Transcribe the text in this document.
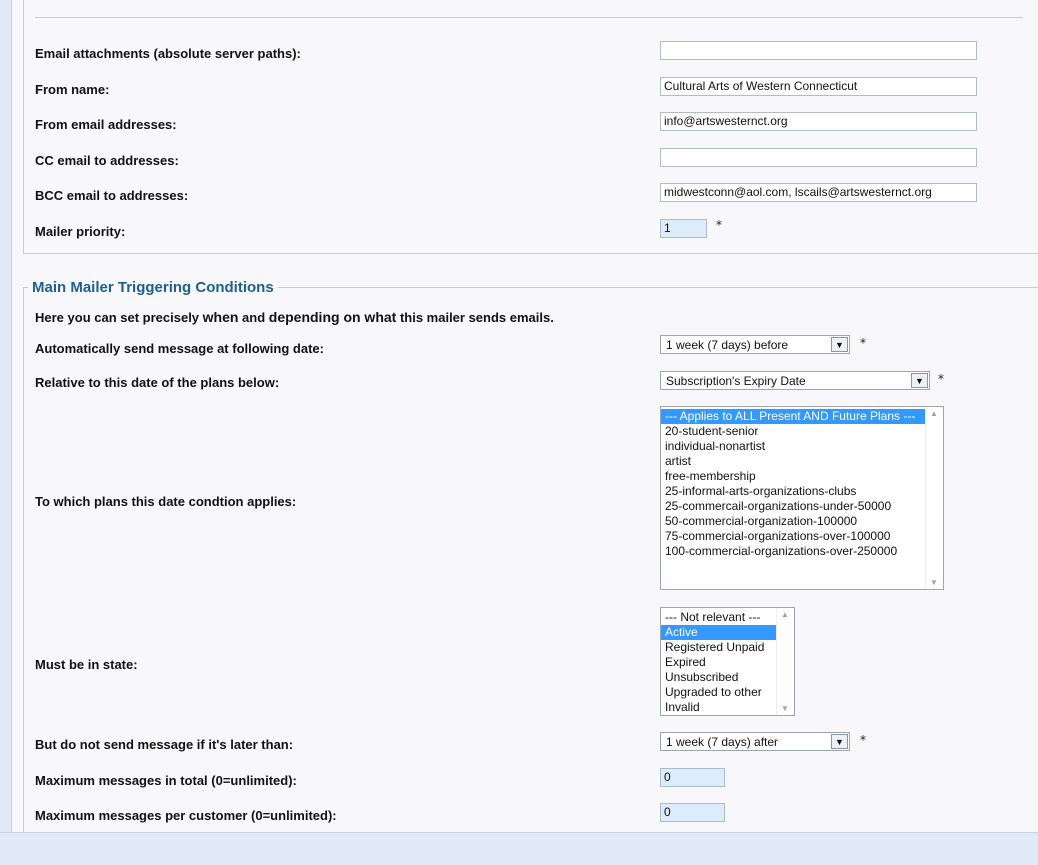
Email attachments (absolute server paths):
From name:	Cultural Arts of Western Connecticut
From email addresses:	info@artswesternct.org
CC email to addresses:
BCC email to addresses:	midwestconn@aol.com, lscails@artswesternct.org
Mailer priority:	1	*
Main Mailer Triggering Conditions
Here you can set precisely when and depending on what this mailer sends emails.
Automatically send message at following date:	1 week (7 days) before	▼	*
Relative to this date of the plans below:	Subscription's Expiry Date	▼	*
To which plans this date condtion applies:
--- Applies to ALL Present AND Future Plans ---
20-student-senior
individual-nonartist
artist
free-membership
25-informal-arts-organizations-clubs
25-commercail-organizations-under-50000
50-commercial-organization-100000
75-commercial-organizations-over-100000
100-commercial-organizations-over-250000
▲
▼
Must be in state:
--- Not relevant ---
Active
Registered Unpaid
Expired
Unsubscribed
Upgraded to other
Invalid
▲
▼
But do not send message if it's later than:	1 week (7 days) after	▼	*
Maximum messages in total (0=unlimited):	0
Maximum messages per customer (0=unlimited):	0
